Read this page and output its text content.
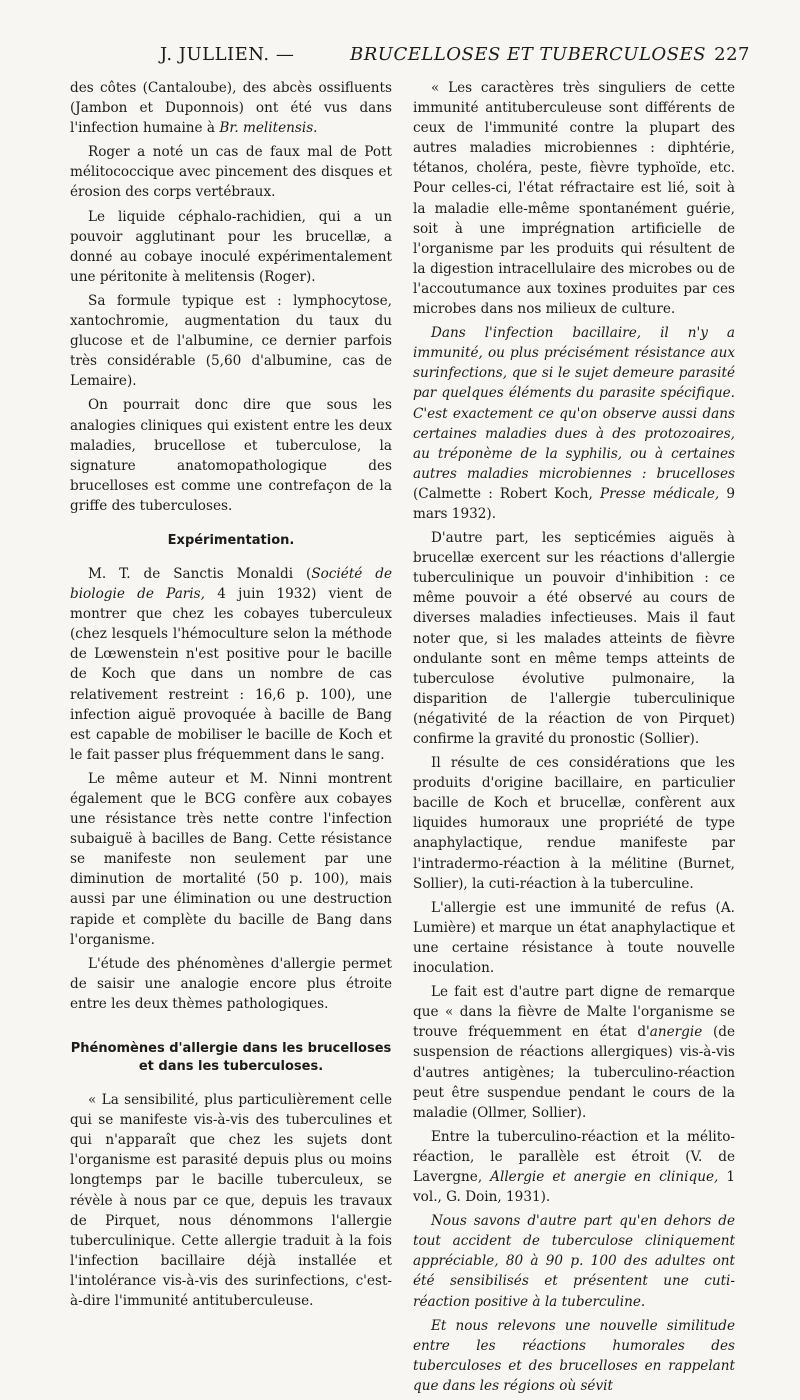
J. JULLIEN. —	BRUCELLOSES ET TUBERCULOSES 227

des côtes (Cantaloube), des abcès ossifluents (Jambon et Duponnois) ont été vus dans l'infection humaine à Br. melitensis.

Roger a noté un cas de faux mal de Pott mélitococcique avec pincement des disques et érosion des corps vertébraux.

Le liquide céphalo-rachidien, qui a un pouvoir agglutinant pour les brucellæ, a donné au cobaye inoculé expérimentalement une péritonite à melitensis (Roger).

Sa formule typique est : lymphocytose, xantochromie, augmentation du taux du glucose et de l'albumine, ce dernier parfois très considérable (5,60 d'albumine, cas de Lemaire).

On pourrait donc dire que sous les analogies cliniques qui existent entre les deux maladies, brucellose et tuberculose, la signature anatomopathologique des brucelloses est comme une contrefaçon de la griffe des tuberculoses.

Expérimentation.

M. T. de Sanctis Monaldi (Société de biologie de Paris, 4 juin 1932) vient de montrer que chez les cobayes tuberculeux (chez lesquels l'hémoculture selon la méthode de Lœwenstein n'est positive pour le bacille de Koch que dans un nombre de cas relativement restreint : 16,6 p. 100), une infection aiguë provoquée à bacille de Bang est capable de mobiliser le bacille de Koch et le fait passer plus fréquemment dans le sang.

Le même auteur et M. Ninni montrent également que le BCG confère aux cobayes une résistance très nette contre l'infection subaiguë à bacilles de Bang. Cette résistance se manifeste non seulement par une diminution de mortalité (50 p. 100), mais aussi par une élimination ou une destruction rapide et complète du bacille de Bang dans l'organisme.

L'étude des phénomènes d'allergie permet de saisir une analogie encore plus étroite entre les deux thèmes pathologiques.

Phénomènes d'allergie dans les brucelloses
et dans les tuberculoses.

« La sensibilité, plus particulièrement celle qui se manifeste vis-à-vis des tuberculines et qui n'apparaît que chez les sujets dont l'organisme est parasité depuis plus ou moins longtemps par le bacille tuberculeux, se révèle à nous par ce que, depuis les travaux de Pirquet, nous dénommons l'allergie tuberculinique. Cette allergie traduit à la fois l'infection bacillaire déjà installée et l'intolérance vis-à-vis des surinfections, c'est-à-dire l'immunité antituberculeuse.

« Les caractères très singuliers de cette immunité antituberculeuse sont différents de ceux de l'immunité contre la plupart des autres maladies microbiennes : diphtérie, tétanos, choléra, peste, fièvre typhoïde, etc. Pour celles-ci, l'état réfractaire est lié, soit à la maladie elle-même spontanément guérie, soit à une imprégnation artificielle de l'organisme par les produits qui résultent de la digestion intracellulaire des microbes ou de l'accoutumance aux toxines produites par ces microbes dans nos milieux de culture.

Dans l'infection bacillaire, il n'y a immunité, ou plus précisément résistance aux surinfections, que si le sujet demeure parasité par quelques éléments du parasite spécifique. C'est exactement ce qu'on observe aussi dans certaines maladies dues à des protozoaires, au tréponème de la syphilis, ou à certaines autres maladies microbiennes : brucelloses (Calmette : Robert Koch, Presse médicale, 9 mars 1932).

D'autre part, les septicémies aiguës à brucellæ exercent sur les réactions d'allergie tuberculinique un pouvoir d'inhibition : ce même pouvoir a été observé au cours de diverses maladies infectieuses. Mais il faut noter que, si les malades atteints de fièvre ondulante sont en même temps atteints de tuberculose évolutive pulmonaire, la disparition de l'allergie tuberculinique (négativité de la réaction de von Pirquet) confirme la gravité du pronostic (Sollier).

Il résulte de ces considérations que les produits d'origine bacillaire, en particulier bacille de Koch et brucellæ, confèrent aux liquides humoraux une propriété de type anaphylactique, rendue manifeste par l'intradermo-réaction à la mélitine (Burnet, Sollier), la cuti-réaction à la tuberculine.

L'allergie est une immunité de refus (A. Lumière) et marque un état anaphylactique et une certaine résistance à toute nouvelle inoculation.

Le fait est d'autre part digne de remarque que « dans la fièvre de Malte l'organisme se trouve fréquemment en état d'anergie (de suspension de réactions allergiques) vis-à-vis d'autres antigènes; la tuberculino-réaction peut être suspendue pendant le cours de la maladie (Ollmer, Sollier).

Entre la tuberculino-réaction et la mélito-réaction, le parallèle est étroit (V. de Lavergne, Allergie et anergie en clinique, 1 vol., G. Doin, 1931).

Nous savons d'autre part qu'en dehors de tout accident de tuberculose cliniquement appréciable, 80 à 90 p. 100 des adultes ont été sensibilisés et présentent une cuti-réaction positive à la tuberculine.

Et nous relevons une nouvelle similitude entre les réactions humorales des tuberculoses et des brucelloses en rappelant que dans les régions où sévit
